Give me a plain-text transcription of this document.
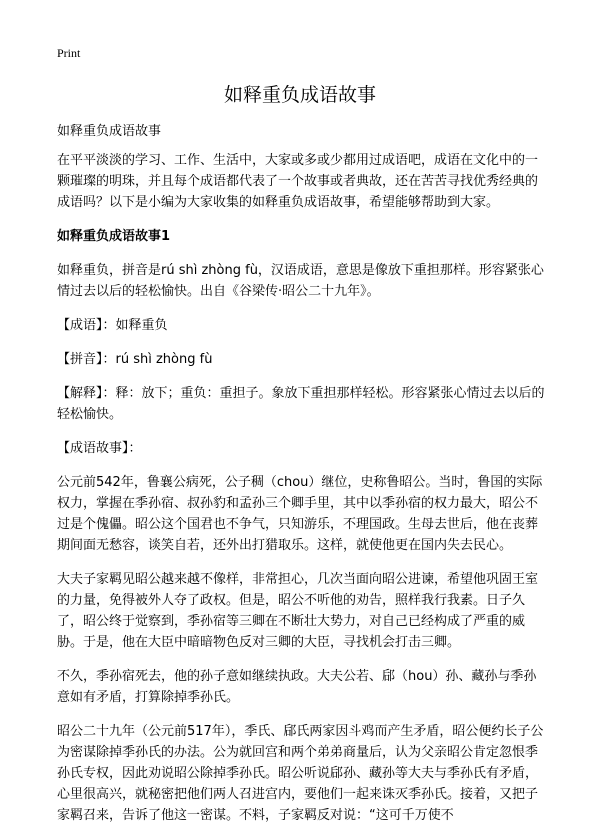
Print
如释重负成语故事

如释重负成语故事

在平平淡淡的学习、工作、生活中，大家或多或少都用过成语吧，成语在文化中的一颗璀璨的明珠，并且每个成语都代表了一个故事或者典故，还在苦苦寻找优秀经典的成语吗？以下是小编为大家收集的如释重负成语故事，希望能够帮助到大家。

如释重负成语故事1

如释重负，拼音是rú shì zhòng fù，汉语成语，意思是像放下重担那样。形容紧张心情过去以后的轻松愉快。出自《谷梁传·昭公二十九年》。

【成语】：如释重负

【拼音】：rú shì zhòng fù

【解释】：释：放下；重负：重担子。象放下重担那样轻松。形容紧张心情过去以后的轻松愉快。

【成语故事】：

公元前542年，鲁襄公病死，公子稠（chou）继位，史称鲁昭公。当时，鲁国的实际权力，掌握在季孙宿、叔孙豹和孟孙三个卿手里，其中以季孙宿的权力最大，昭公不过是个傀儡。昭公这个国君也不争气，只知游乐，不理国政。生母去世后，他在丧葬期间面无愁容，谈笑自若，还外出打猎取乐。这样，就使他更在国内失去民心。

大夫子家羁见昭公越来越不像样，非常担心，几次当面向昭公进谏，希望他巩固王室的力量，免得被外人夺了政权。但是，昭公不听他的劝告，照样我行我素。日子久了，昭公终于觉察到，季孙宿等三卿在不断壮大势力，对自己已经构成了严重的威胁。于是，他在大臣中暗暗物色反对三卿的大臣，寻找机会打击三卿。

不久，季孙宿死去，他的孙子意如继续执政。大夫公若、郈（hou）孙、藏孙与季孙意如有矛盾，打算除掉季孙氏。

昭公二十九年（公元前517年），季氏、郈氏两家因斗鸡而产生矛盾，昭公便约长子公为密谋除掉季孙氏的办法。公为就回宫和两个弟弟商量后，认为父亲昭公肯定忽恨季孙氏专权，因此劝说昭公除掉季孙氏。昭公听说郈孙、藏孙等大夫与季孙氏有矛盾，心里很高兴，就秘密把他们两人召进宫内，要他们一起来诛灭季孙氏。接着，又把子家羁召来，告诉了他这一密谋。不料，子家羁反对说：“这可千万使不
